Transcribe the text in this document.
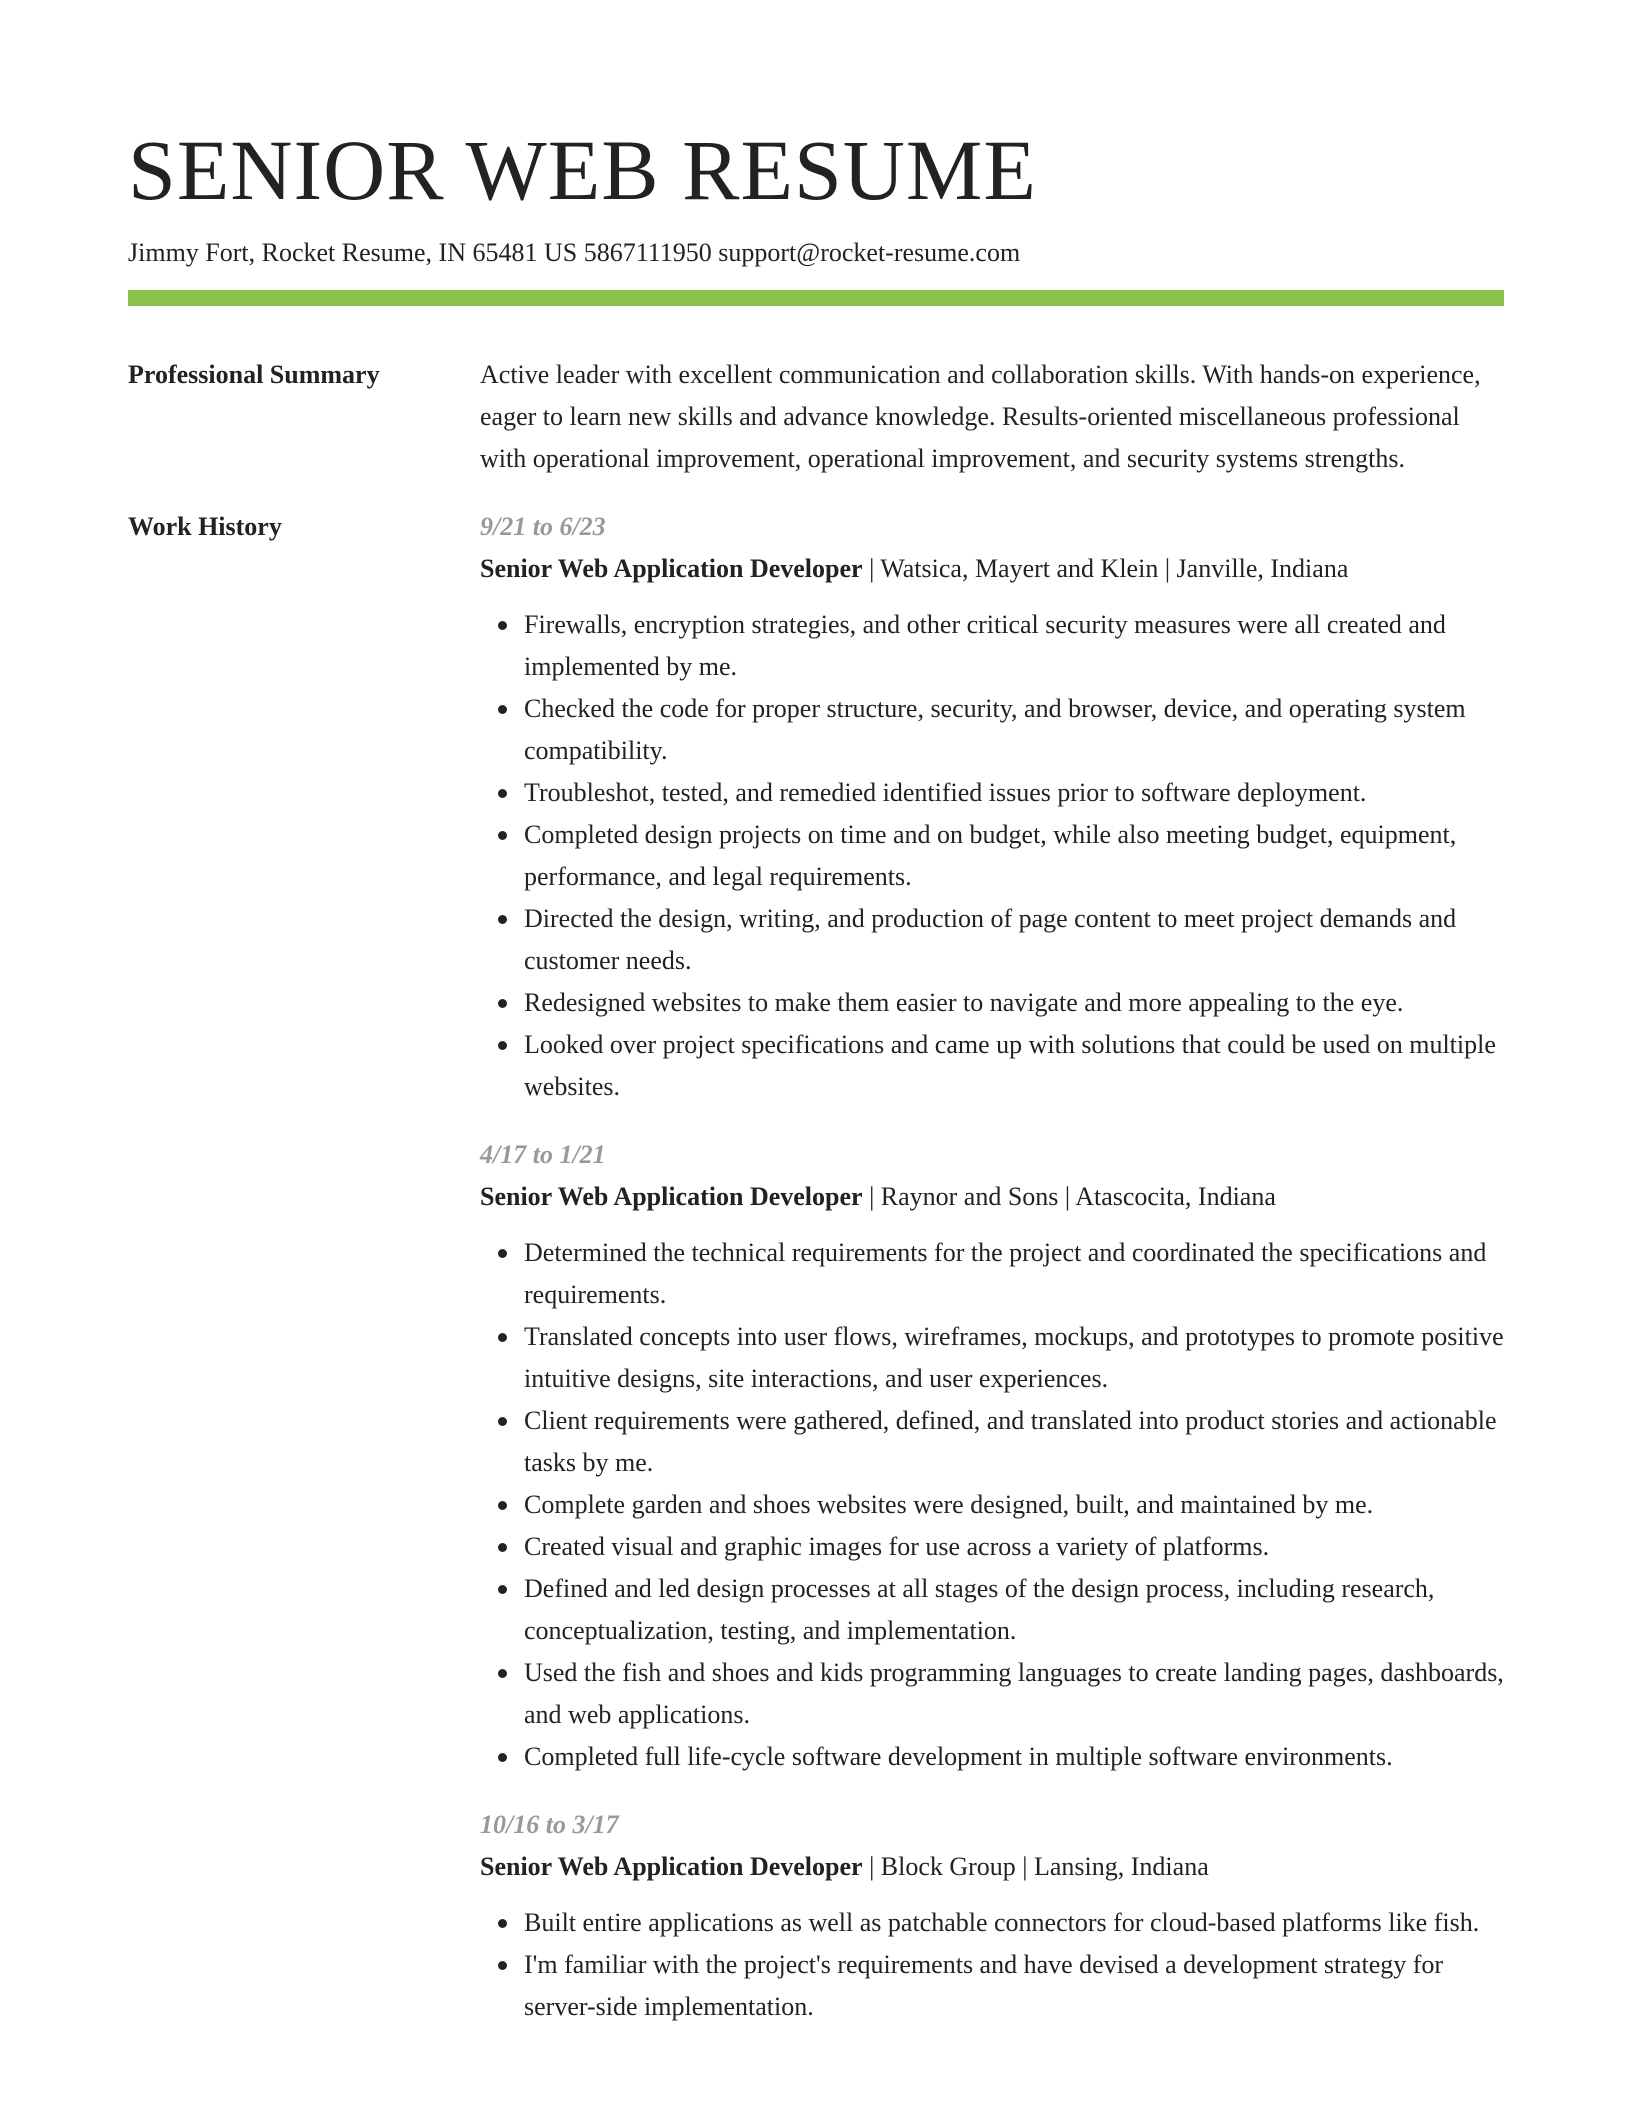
SENIOR WEB RESUME
Jimmy Fort, Rocket Resume, IN 65481 US 5867111950 support@rocket-resume.com
Professional Summary	Active leader with excellent communication and collaboration skills. With hands-on experience, eager to learn new skills and advance knowledge. Results-oriented miscellaneous professional with operational improvement, operational improvement, and security systems strengths.

Work History	9/21 to 6/23
Senior Web Application Developer | Watsica, Mayert and Klein | Janville, Indiana
Firewalls, encryption strategies, and other critical security measures were all created and implemented by me.
Checked the code for proper structure, security, and browser, device, and operating system compatibility.
Troubleshot, tested, and remedied identified issues prior to software deployment.
Completed design projects on time and on budget, while also meeting budget, equipment, performance, and legal requirements.
Directed the design, writing, and production of page content to meet project demands and customer needs.
Redesigned websites to make them easier to navigate and more appealing to the eye.
Looked over project specifications and came up with solutions that could be used on multiple websites.
4/17 to 1/21
Senior Web Application Developer | Raynor and Sons | Atascocita, Indiana
Determined the technical requirements for the project and coordinated the specifications and requirements.
Translated concepts into user flows, wireframes, mockups, and prototypes to promote positive intuitive designs, site interactions, and user experiences.
Client requirements were gathered, defined, and translated into product stories and actionable tasks by me.
Complete garden and shoes websites were designed, built, and maintained by me.
Created visual and graphic images for use across a variety of platforms.
Defined and led design processes at all stages of the design process, including research, conceptualization, testing, and implementation.
Used the fish and shoes and kids programming languages to create landing pages, dashboards, and web applications.
Completed full life-cycle software development in multiple software environments.
10/16 to 3/17
Senior Web Application Developer | Block Group | Lansing, Indiana
Built entire applications as well as patchable connectors for cloud-based platforms like fish.
I'm familiar with the project's requirements and have devised a development strategy for server-side implementation.
